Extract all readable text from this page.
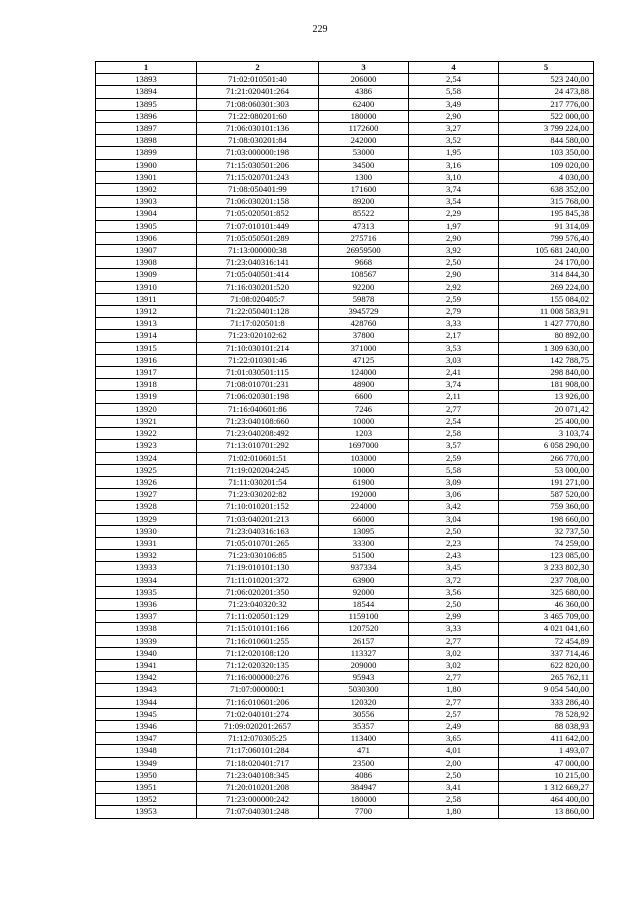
229
1	2	3	4	5
13893	71:02:010501:40	206000	2,54	523 240,00
13894	71:21:020401:264	4386	5,58	24 473,88
13895	71:08:060301:303	62400	3,49	217 776,00
13896	71:22:080201:60	180000	2,90	522 000,00
13897	71:06:030101:136	1172600	3,27	3 799 224,00
13898	71:08:030201:84	242000	3,52	844 580,00
13899	71:03:000000:198	53000	1,95	103 350,00
13900	71:15:030501:206	34500	3,16	109 020,00
13901	71:15:020701:243	1300	3,10	4 030,00
13902	71:08:050401:99	171600	3,74	638 352,00
13903	71:06:030201:158	89200	3,54	315 768,00
13904	71:05:020501:852	85522	2,29	195 845,38
13905	71:07:010101:449	47313	1,97	91 314,09
13906	71:05:050501:289	275716	2,90	799 576,40
13907	71:13:000000:38	26959500	3,92	105 681 240,00
13908	71:23:040316:141	9668	2,50	24 170,00
13909	71:05:040501:414	108567	2,90	314 844,30
13910	71:16:030201:520	92200	2,92	269 224,00
13911	71:08:020405:7	59878	2,59	155 084,02
13912	71:22:050401:128	3945729	2,79	11 008 583,91
13913	71:17:020501:8	428760	3,33	1 427 770,80
13914	71:23:020102:62	37800	2,17	80 892,00
13915	71:10:030101:214	371000	3,53	1 309 630,00
13916	71:22:010301:46	47125	3,03	142 788,75
13917	71:01:030501:115	124000	2,41	298 840,00
13918	71:08:010701:231	48900	3,74	181 908,00
13919	71:06:020301:198	6600	2,11	13 926,00
13920	71:16:040601:86	7246	2,77	20 071,42
13921	71:23:040108:660	10000	2,54	25 400,00
13922	71:23:040208:492	1203	2,58	3 103,74
13923	71:13:010701:292	1697000	3,57	6 058 290,00
13924	71:02:010601:51	103000	2,59	266 770,00
13925	71:19:020204:245	10000	5,58	53 000,00
13926	71:11:030201:54	61900	3,09	191 271,00
13927	71:23:030202:82	192000	3,06	587 520,00
13928	71:10:010201:152	224000	3,42	759 360,00
13929	71:03:040201:213	66000	3,04	198 660,00
13930	71:23:040316:163	13095	2,50	32 737,50
13931	71:05:010701:265	33300	2,23	74 259,00
13932	71:23:030106:85	51500	2,43	123 085,00
13933	71:19:010101:130	937334	3,45	3 233 802,30
13934	71:11:010201:372	63900	3,72	237 708,00
13935	71:06:020201:350	92000	3,56	325 680,00
13936	71:23:040320:32	18544	2,50	46 360,00
13937	71:11:020501:129	1159100	2,99	3 465 709,00
13938	71:15:010101:166	1207520	3,33	4 021 041,60
13939	71:16:010601:255	26157	2,77	72 454,89
13940	71:12:020108:120	113327	3,02	337 714,46
13941	71:12:020320:135	209000	3,02	622 820,00
13942	71:16:000000:276	95943	2,77	265 762,11
13943	71:07:000000:1	5030300	1,80	9 054 540,00
13944	71:16:010601:206	120320	2,77	333 286,40
13945	71:02:040101:274	30556	2,57	78 528,92
13946	71:09:020201:2657	35357	2,49	88 038,93
13947	71:12:070305:25	113400	3,65	411 642,00
13948	71:17:060101:284	471	4,01	1 493,07
13949	71:18:020401:717	23500	2,00	47 000,00
13950	71:23:040108:345	4086	2,50	10 215,00
13951	71:20:010201:208	384947	3,41	1 312 669,27
13952	71:23:000000:242	180000	2,58	464 400,00
13953	71:07:040301:248	7700	1,80	13 860,00
